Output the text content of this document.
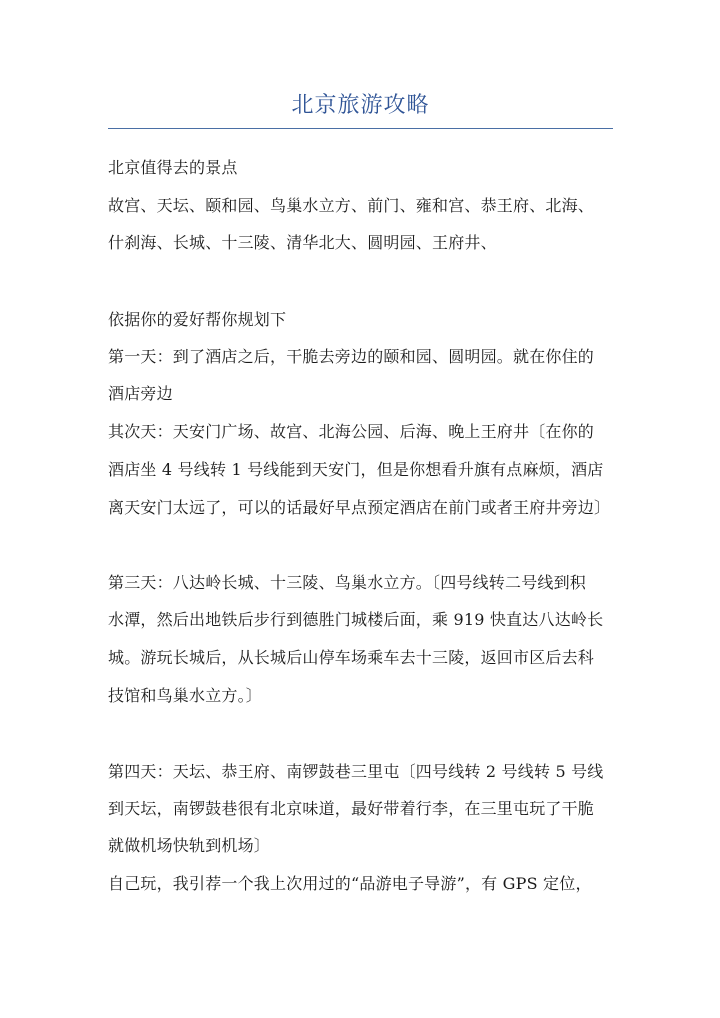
北京旅游攻略
北京值得去的景点
故宫、天坛、颐和园、鸟巢水立方、前门、雍和宫、恭王府、北海、
什刹海、长城、十三陵、清华北大、圆明园、王府井、
依据你的爱好帮你规划下
第一天：到了酒店之后，干脆去旁边的颐和园、圆明园。就在你住的
酒店旁边
其次天：天安门广场、故宫、北海公园、后海、晚上王府井〔在你的
酒店坐 4 号线转 1 号线能到天安门，但是你想看升旗有点麻烦，酒店
离天安门太远了，可以的话最好早点预定酒店在前门或者王府井旁边〕
第三天：八达岭长城、十三陵、鸟巢水立方。〔四号线转二号线到积
水潭，然后出地铁后步行到德胜门城楼后面，乘 919 快直达八达岭长
城。游玩长城后，从长城后山停车场乘车去十三陵，返回市区后去科
技馆和鸟巢水立方。〕
第四天：天坛、恭王府、南锣鼓巷三里屯〔四号线转 2 号线转 5 号线
到天坛，南锣鼓巷很有北京味道，最好带着行李，在三里屯玩了干脆
就做机场快轨到机场〕
自己玩，我引荐一个我上次用过的“品游电子导游”，有 GPS 定位，
